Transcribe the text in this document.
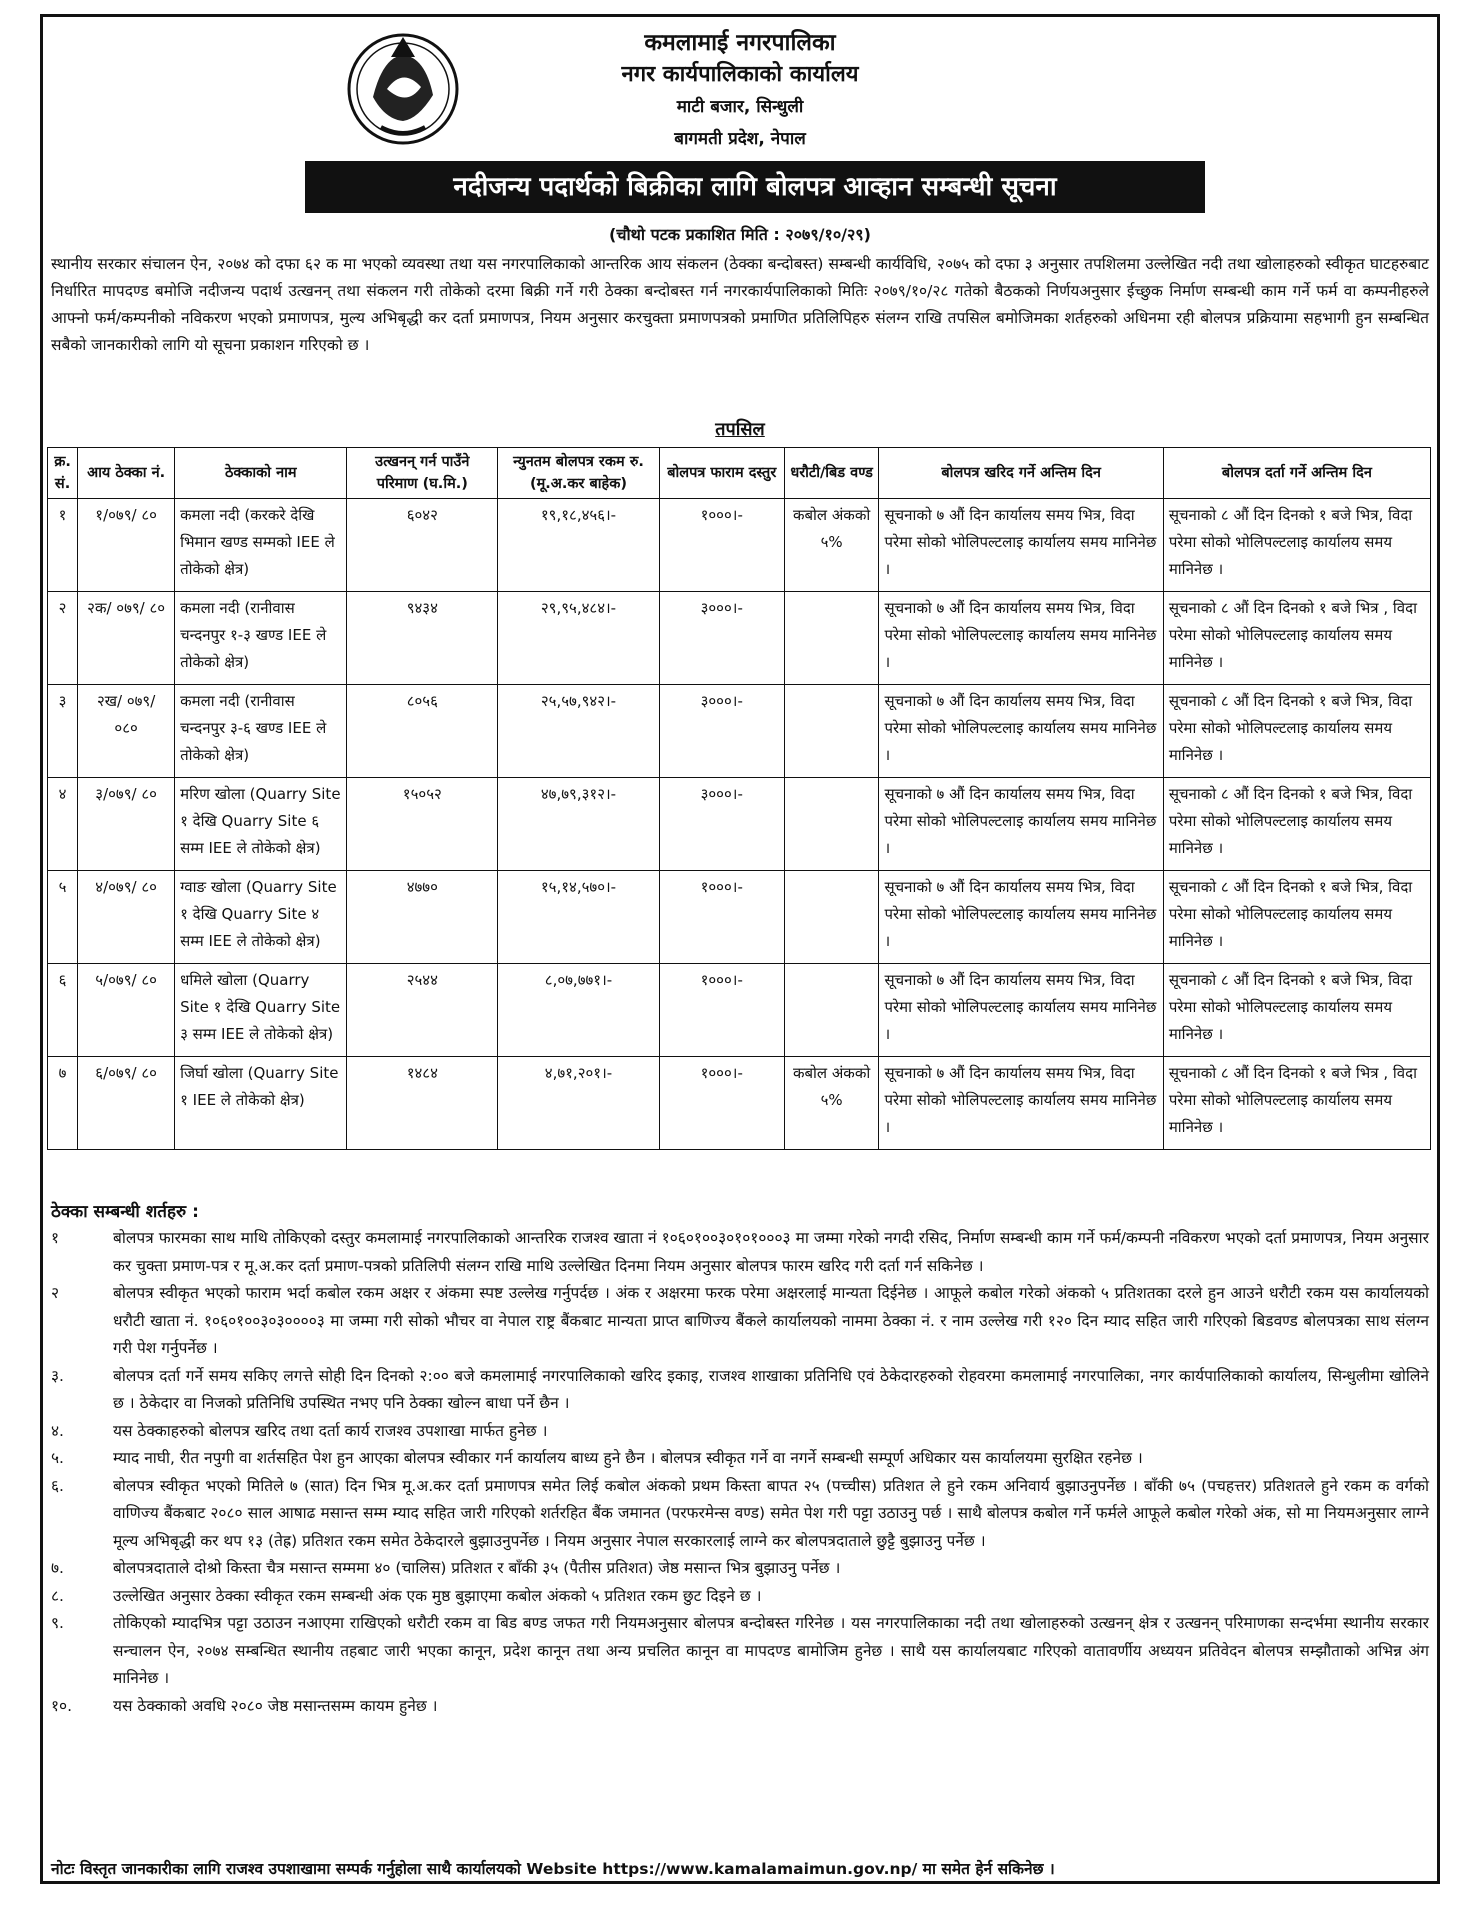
कमलामाई नगरपालिका
नगर कार्यपालिकाको कार्यालय
माटी बजार, सिन्धुली
बागमती प्रदेश, नेपाल
नदीजन्य पदार्थको बिक्रीका लागि बोलपत्र आव्हान सम्बन्धी सूचना
(चौथो पटक प्रकाशित मिति : २०७९/१०/२९)
स्थानीय सरकार संचालन ऐन, २०७४ को दफा ६२ क मा भएको व्यवस्था तथा यस नगरपालिकाको आन्तरिक आय संकलन (ठेक्का बन्दोबस्त) सम्बन्धी कार्यविधि, २०७५ को दफा ३ अनुसार तपशिलमा उल्लेखित नदी तथा खोलाहरुको स्वीकृत घाटहरुबाट निर्धारित मापदण्ड बमोजि नदीजन्य पदार्थ उत्खनन् तथा संकलन गरी तोकेको दरमा बिक्री गर्ने गरी ठेक्का बन्दोबस्त गर्न नगरकार्यपालिकाको मितिः २०७९/१०/२८ गतेको बैठकको निर्णयअनुसार ईच्छुक निर्माण सम्बन्धी काम गर्ने फर्म वा कम्पनीहरुले आफ्नो फर्म/कम्पनीको नविकरण भएको प्रमाणपत्र, मुल्य अभिबृद्धी कर दर्ता प्रमाणपत्र, नियम अनुसार करचुक्ता प्रमाणपत्रको प्रमाणित प्रतिलिपिहरु संलग्न राखि तपसिल बमोजिमका शर्तहरुको अधिनमा रही बोलपत्र प्रक्रियामा सहभागी हुन सम्बन्धित सबैको जानकारीको लागि यो सूचना प्रकाशन गरिएको छ ।
तपसिल
क्र. सं.	आय ठेक्का नं.	ठेक्काको नाम	उत्खनन् गर्न पाउँने परिमाण (घ.मि.)	न्युनतम बोलपत्र रकम रु. (मू.अ.कर बाहेक)	बोलपत्र फाराम दस्तुर	धरौटी/बिड वण्ड	बोलपत्र खरिद गर्ने अन्तिम दिन	बोलपत्र दर्ता गर्ने अन्तिम दिन
१	१/०७९/ ८०	कमला नदी (करकरे देखि भिमान खण्ड सम्मको IEE ले तोकेको क्षेत्र)	६०४२	१९,१८,४५६।-	१०००।-	कबोल अंकको ५%	सूचनाको ७ औं दिन कार्यालय समय भित्र, विदा परेमा सोको भोलिपल्टलाइ कार्यालय समय मानिनेछ ।	सूचनाको ८ औं दिन दिनको १ बजे भित्र, विदा परेमा सोको भोलिपल्टलाइ कार्यालय समय मानिनेछ ।
२	२क/ ०७९/ ८०	कमला नदी (रानीवास चन्दनपुर १-३ खण्ड IEE ले तोकेको क्षेत्र)	९४३४	२९,९५,४८४।-	३०००।-		सूचनाको ७ औं दिन कार्यालय समय भित्र, विदा परेमा सोको भोलिपल्टलाइ कार्यालय समय मानिनेछ ।	सूचनाको ८ औं दिन दिनको १ बजे भित्र , विदा परेमा सोको भोलिपल्टलाइ कार्यालय समय मानिनेछ ।
३	२ख/ ०७९/ ०८०	कमला नदी (रानीवास चन्दनपुर ३-६ खण्ड IEE ले तोकेको क्षेत्र)	८०५६	२५,५७,९४२।-	३०००।-		सूचनाको ७ औं दिन कार्यालय समय भित्र, विदा परेमा सोको भोलिपल्टलाइ कार्यालय समय मानिनेछ ।	सूचनाको ८ औं दिन दिनको १ बजे भित्र, विदा परेमा सोको भोलिपल्टलाइ कार्यालय समय मानिनेछ ।
४	३/०७९/ ८०	मरिण खोला (Quarry Site १ देखि Quarry Site ६ सम्म IEE ले तोकेको क्षेत्र)	१५०५२	४७,७९,३१२।-	३०००।-		सूचनाको ७ औं दिन कार्यालय समय भित्र, विदा परेमा सोको भोलिपल्टलाइ कार्यालय समय मानिनेछ ।	सूचनाको ८ औं दिन दिनको १ बजे भित्र, विदा परेमा सोको भोलिपल्टलाइ कार्यालय समय मानिनेछ ।
५	४/०७९/ ८०	ग्वाङ खोला (Quarry Site १ देखि Quarry Site ४ सम्म IEE ले तोकेको क्षेत्र)	४७७०	१५,१४,५७०।-	१०००।-		सूचनाको ७ औं दिन कार्यालय समय भित्र, विदा परेमा सोको भोलिपल्टलाइ कार्यालय समय मानिनेछ ।	सूचनाको ८ औं दिन दिनको १ बजे भित्र, विदा परेमा सोको भोलिपल्टलाइ कार्यालय समय मानिनेछ ।
६	५/०७९/ ८०	धमिले खोला (Quarry Site १ देखि Quarry Site ३ सम्म IEE ले तोकेको क्षेत्र)	२५४४	८,०७,७७१।-	१०००।-		सूचनाको ७ औं दिन कार्यालय समय भित्र, विदा परेमा सोको भोलिपल्टलाइ कार्यालय समय मानिनेछ ।	सूचनाको ८ औं दिन दिनको १ बजे भित्र, विदा परेमा सोको भोलिपल्टलाइ कार्यालय समय मानिनेछ ।
७	६/०७९/ ८०	जिर्घा खोला (Quarry Site १ IEE ले तोकेको क्षेत्र)	१४८४	४,७१,२०१।-	१०००।-	कबोल अंकको ५%	सूचनाको ७ औं दिन कार्यालय समय भित्र, विदा परेमा सोको भोलिपल्टलाइ कार्यालय समय मानिनेछ ।	सूचनाको ८ औं दिन दिनको १ बजे भित्र , विदा परेमा सोको भोलिपल्टलाइ कार्यालय समय मानिनेछ ।
ठेक्का सम्बन्धी शर्तहरु :
१	बोलपत्र फारमका साथ माथि तोकिएको दस्तुर कमलामाई नगरपालिकाको आन्तरिक राजश्व खाता नं १०६०१००३०१०१०००३ मा जम्मा गरेको नगदी रसिद, निर्माण सम्बन्धी काम गर्ने फर्म/कम्पनी नविकरण भएको दर्ता प्रमाणपत्र, नियम अनुसार कर चुक्ता प्रमाण-पत्र र मू.अ.कर दर्ता प्रमाण-पत्रको प्रतिलिपी संलग्न राखि माथि उल्लेखित दिनमा नियम अनुसार बोलपत्र फारम खरिद गरी दर्ता गर्न सकिनेछ ।
२	बोलपत्र स्वीकृत भएको फाराम भर्दा कबोल रकम अक्षर र अंकमा स्पष्ट उल्लेख गर्नुपर्दछ । अंक र अक्षरमा फरक परेमा अक्षरलाई मान्यता दिईनेछ । आफूले कबोल गरेको अंकको ५ प्रतिशतका दरले हुन आउने धरौटी रकम यस कार्यालयको धरौटी खाता नं. १०६०१००३०३००००३ मा जम्मा गरी सोको भौचर वा नेपाल राष्ट्र बैंकबाट मान्यता प्राप्त बाणिज्य बैंकले कार्यालयको नाममा ठेक्का नं. र नाम उल्लेख गरी १२० दिन म्याद सहित जारी गरिएको बिडवण्ड बोलपत्रका साथ संलग्न गरी पेश गर्नुपर्नेछ ।
३.	बोलपत्र दर्ता गर्ने समय सकिए लगत्ते सोही दिन दिनको २:०० बजे कमलामाई नगरपालिकाको खरिद इकाइ, राजश्व शाखाका प्रतिनिधि एवं ठेकेदारहरुको रोहवरमा कमलामाई नगरपालिका, नगर कार्यपालिकाको कार्यालय, सिन्धुलीमा खोलिने छ । ठेकेदार वा निजको प्रतिनिधि उपस्थित नभए पनि ठेक्का खोल्न बाधा पर्ने छैन ।
४.	यस ठेक्काहरुको बोलपत्र खरिद तथा दर्ता कार्य राजश्व उपशाखा मार्फत हुनेछ ।
५.	म्याद नाघी, रीत नपुगी वा शर्तसहित पेश हुन आएका बोलपत्र स्वीकार गर्न कार्यालय बाध्य हुने छैन । बोलपत्र स्वीकृत गर्ने वा नगर्ने सम्बन्धी सम्पूर्ण अधिकार यस कार्यालयमा सुरक्षित रहनेछ ।
६.	बोलपत्र स्वीकृत भएको मितिले ७ (सात) दिन भित्र मू.अ.कर दर्ता प्रमाणपत्र समेत लिई कबोल अंकको प्रथम किस्ता बापत २५ (पच्चीस) प्रतिशत ले हुने रकम अनिवार्य बुझाउनुपर्नेछ । बाँकी ७५ (पचहत्तर) प्रतिशतले हुने रकम क वर्गको वाणिज्य बैंकबाट २०८० साल आषाढ मसान्त सम्म म्याद सहित जारी गरिएको शर्तरहित बैंक जमानत (परफरमेन्स वण्ड) समेत पेश गरी पट्टा उठाउनु पर्छ । साथै बोलपत्र कबोल गर्ने फर्मले आफूले कबोल गरेको अंक, सो मा नियमअनुसार लाग्ने मूल्य अभिबृद्धी कर थप १३ (तेह्र) प्रतिशत रकम समेत ठेकेदारले बुझाउनुपर्नेछ । नियम अनुसार नेपाल सरकारलाई लाग्ने कर बोलपत्रदाताले छुट्टै बुझाउनु पर्नेछ ।
७.	बोलपत्रदाताले दोश्रो किस्ता चैत्र मसान्त सम्ममा ४० (चालिस) प्रतिशत र बाँकी ३५ (पैतीस प्रतिशत) जेष्ठ मसान्त भित्र बुझाउनु पर्नेछ ।
८.	उल्लेखित अनुसार ठेक्का स्वीकृत रकम सम्बन्धी अंक एक मुष्ठ बुझाएमा कबोल अंकको ५ प्रतिशत रकम छुट दिइने छ ।
९.	तोकिएको म्यादभित्र पट्टा उठाउन नआएमा राखिएको धरौटी रकम वा बिड बण्ड जफत गरी नियमअनुसार बोलपत्र बन्दोबस्त गरिनेछ । यस नगरपालिकाका नदी तथा खोलाहरुको उत्खनन् क्षेत्र र उत्खनन् परिमाणका सन्दर्भमा स्थानीय सरकार सन्चालन ऐन, २०७४ सम्बन्धित स्थानीय तहबाट जारी भएका कानून, प्रदेश कानून तथा अन्य प्रचलित कानून वा मापदण्ड बामोजिम हुनेछ । साथै यस कार्यालयबाट गरिएको वातावर्णीय अध्ययन प्रतिवेदन बोलपत्र सम्झौताको अभिन्न अंग मानिनेछ ।
१०.	यस ठेक्काको अवधि २०८० जेष्ठ मसान्तसम्म कायम हुनेछ ।
नोटः विस्तृत जानकारीका लागि राजश्व उपशाखामा सम्पर्क गर्नुहोला साथै कार्यालयको Website https://www.kamalamaimun.gov.np/ मा समेत हेर्न सकिनेछ ।
